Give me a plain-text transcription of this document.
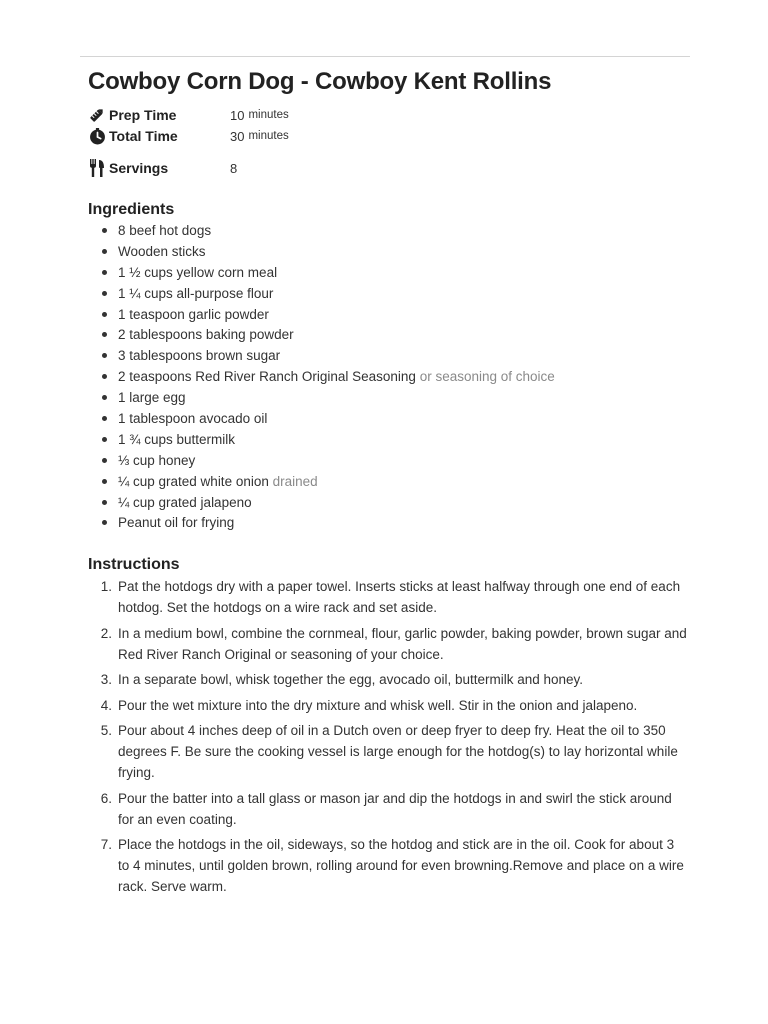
Cowboy Corn Dog - Cowboy Kent Rollins
Prep Time	10 minutes
Total Time	30 minutes
Servings	8
Ingredients
8 beef hot dogs
Wooden sticks
1 ½ cups yellow corn meal
1 ¼ cups all-purpose flour
1 teaspoon garlic powder
2 tablespoons baking powder
3 tablespoons brown sugar
2 teaspoons Red River Ranch Original Seasoning or seasoning of choice
1 large egg
1 tablespoon avocado oil
1 ¾ cups buttermilk
⅓ cup honey
¼ cup grated white onion drained
¼ cup grated jalapeno
Peanut oil for frying
Instructions
1. Pat the hotdogs dry with a paper towel. Inserts sticks at least halfway through one end of each hotdog. Set the hotdogs on a wire rack and set aside.
2. In a medium bowl, combine the cornmeal, flour, garlic powder, baking powder, brown sugar and Red River Ranch Original or seasoning of your choice.
3. In a separate bowl, whisk together the egg, avocado oil, buttermilk and honey.
4. Pour the wet mixture into the dry mixture and whisk well. Stir in the onion and jalapeno.
5. Pour about 4 inches deep of oil in a Dutch oven or deep fryer to deep fry. Heat the oil to 350 degrees F. Be sure the cooking vessel is large enough for the hotdog(s) to lay horizontal while frying.
6. Pour the batter into a tall glass or mason jar and dip the hotdogs in and swirl the stick around for an even coating.
7. Place the hotdogs in the oil, sideways, so the hotdog and stick are in the oil. Cook for about 3 to 4 minutes, until golden brown, rolling around for even browning.Remove and place on a wire rack. Serve warm.
